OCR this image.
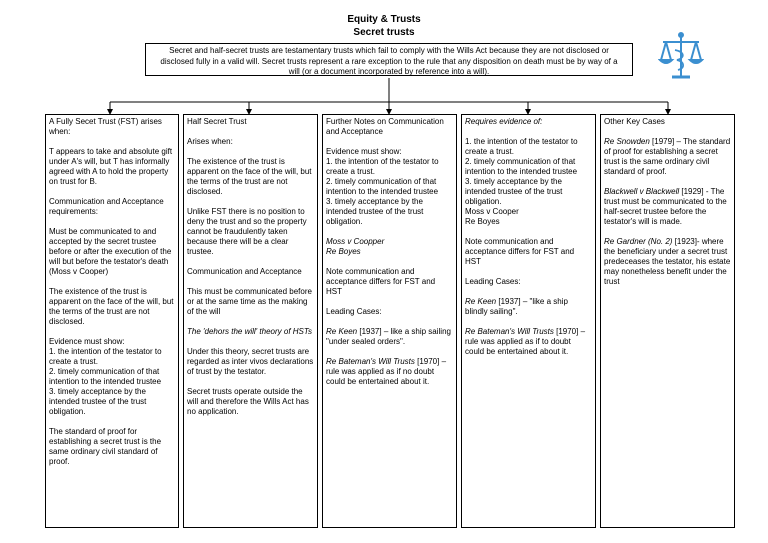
Equity & Trusts
Secret trusts
Secret and half-secret trusts are testamentary trusts which fail to comply with the Wills Act because they are not disclosed or disclosed fully in a valid will. Secret trusts represent a rare exception to the rule that any disposition on death must be by way of a will (or a document incorporated by reference into a will).

A Fully Secet Trust (FST) arises when:

T appears to take and absolute gift under A's will, but T has informally agreed with A to hold the property on trust for B.

Communication and Acceptance requirements:

Must be communicated to and accepted by the secret trustee before or after the execution of the will but before the testator's death (Moss v Cooper)

The existence of the trust is apparent on the face of the will, but the terms of the trust are not disclosed.

Evidence must show:
1. the intention of the testator to create a trust.
2. timely communication of that intention to the intended trustee
3. timely acceptance by the intended trustee of the trust obligation.

The standard of proof for establishing a secret trust is the same ordinary civil standard of proof.

Half Secret Trust

Arises when:

The existence of the trust is apparent on the face of the will, but the terms of the trust are not disclosed.

Unlike FST there is no position to deny the trust and so the property cannot be fraudulently taken because there will be a clear trustee.

Communication and Acceptance

This must be communicated before or at the same time as the making of the will

The 'dehors the will' theory of HSTs

Under this theory, secret trusts are regarded as inter vivos declarations of trust by the testator.

Secret trusts operate outside the will and therefore the Wills Act has no application.

Further Notes on Communication and Acceptance

Evidence must show:
1. the intention of the testator to create a trust.
2. timely communication of that intention to the intended trustee
3. timely acceptance by the intended trustee of the trust obligation.

Moss v Coopper
Re Boyes

Note communication and acceptance differs for FST and HST

Leading Cases:

Re Keen [1937] – like a ship sailing "under sealed orders".

Re Bateman's Will Trusts [1970] – rule was applied as if no doubt could be entertained about it.

Requires evidence of:

1. the intention of the testator to create a trust.
2. timely communication of that intention to the intended trustee
3. timely acceptance by the intended trustee of the trust obligation.
Moss v Cooper
Re Boyes

Note communication and acceptance differs for FST and HST

Leading Cases:

Re Keen [1937] – "like a ship blindly sailing".

Re Bateman's Will Trusts [1970] – rule was applied as if to doubt could be entertained about it.

Other Key Cases

Re Snowden [1979] – The standard of proof for establishing a secret trust is the same ordinary civil standard of proof.

Blackwell v Blackwell [1929] - The trust must be communicated to the half-secret trustee before the testator's will is made.

Re Gardner (No. 2) [1923]- where the beneficiary under a secret trust predeceases the testator, his estate may nonetheless benefit under the trust
